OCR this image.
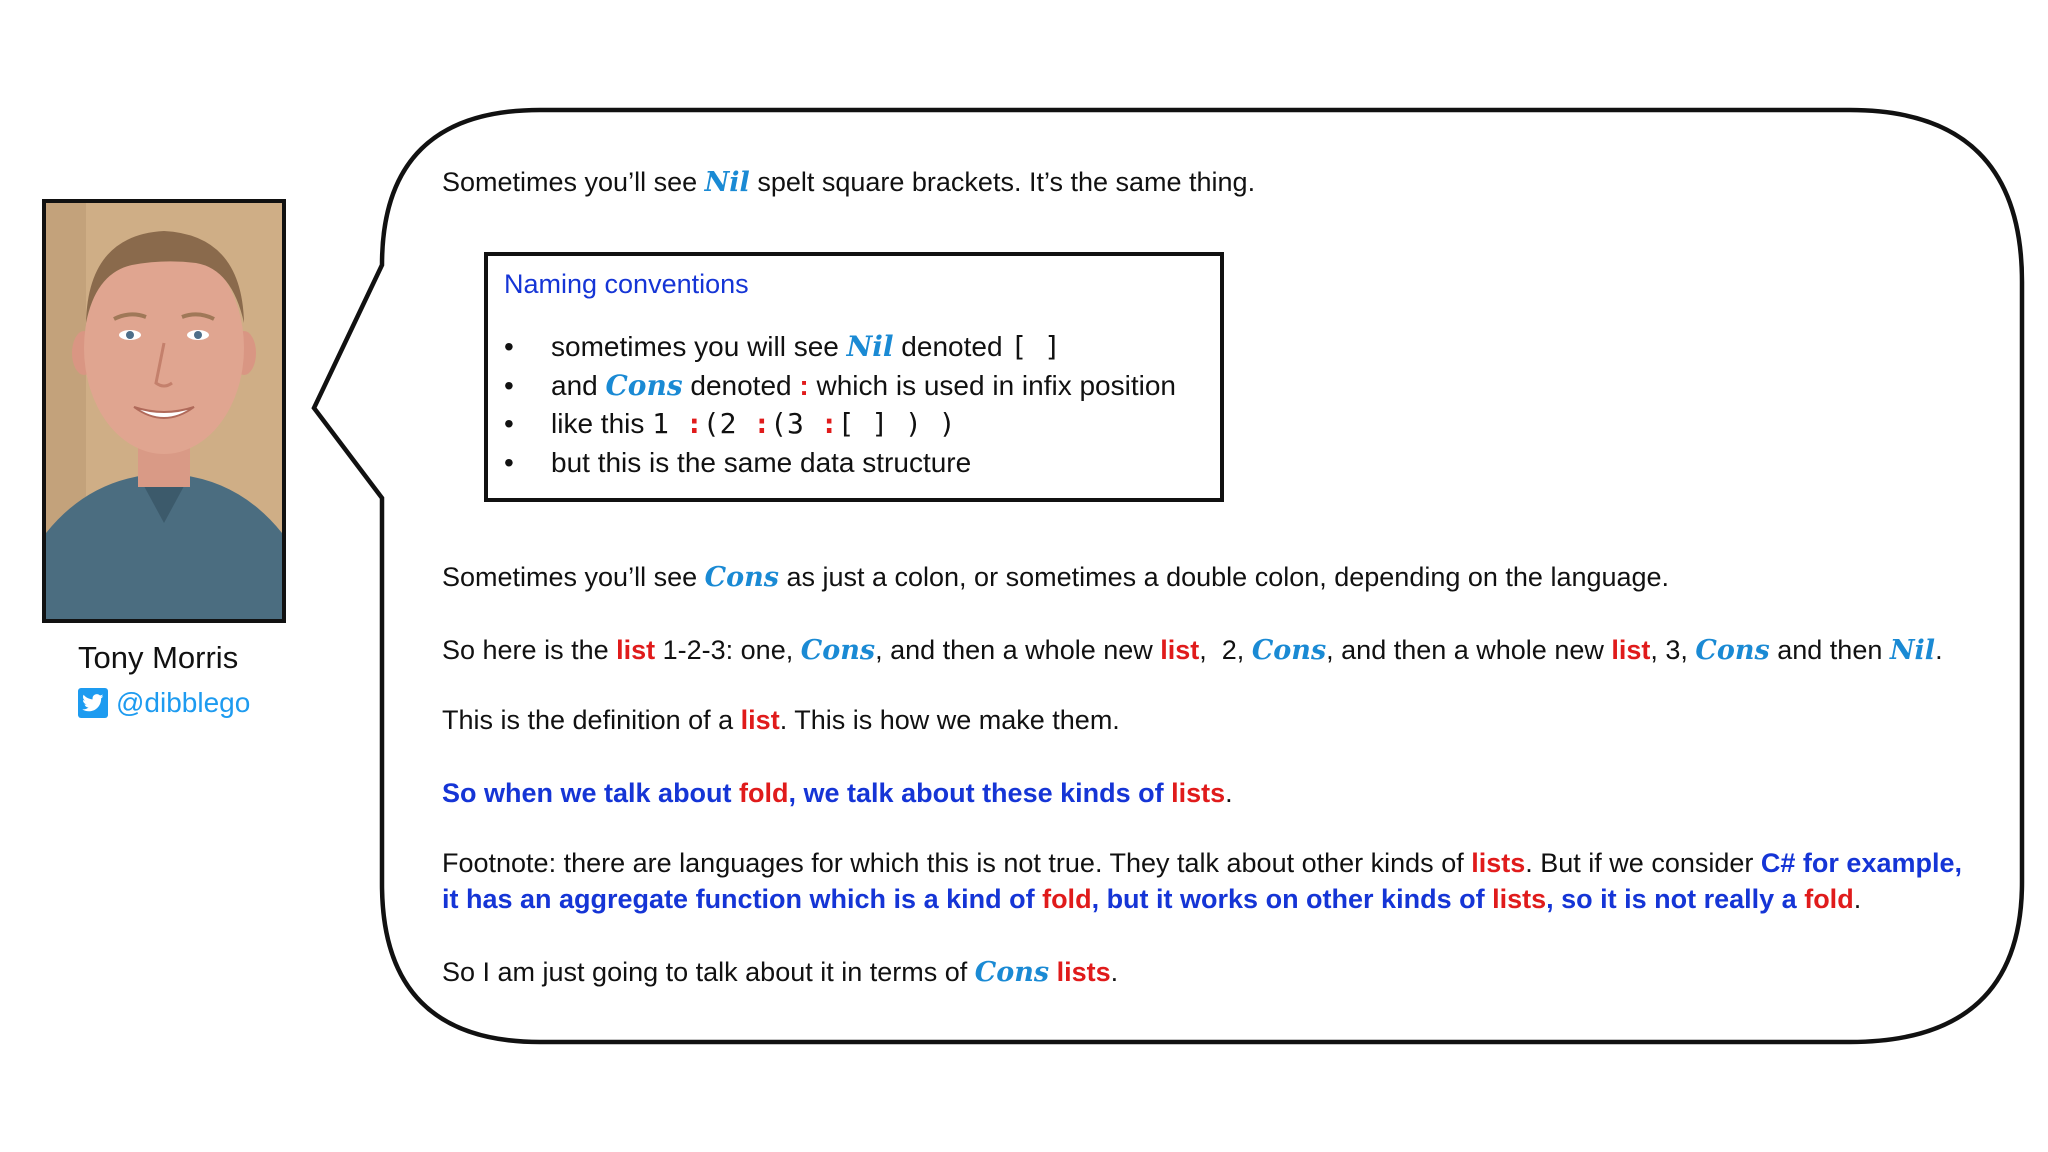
Tony Morris
@dibblego
Sometimes you’ll see Nil spelt square brackets. It’s the same thing.
Naming conventions
• sometimes you will see Nil denoted [ ]
• and Cons denoted : which is used in infix position
• like this 1 :(2 :(3 :[ ] ) )
• but this is the same data structure
Sometimes you’ll see Cons as just a colon, or sometimes a double colon, depending on the language.
So here is the list 1-2-3: one, Cons, and then a whole new list,  2, Cons, and then a whole new list, 3, Cons and then Nil.
This is the definition of a list. This is how we make them.
So when we talk about fold, we talk about these kinds of lists.
Footnote: there are languages for which this is not true. They talk about other kinds of lists. But if we consider C# for example, it has an aggregate function which is a kind of fold, but it works on other kinds of lists, so it is not really a fold.
So I am just going to talk about it in terms of Cons lists.
